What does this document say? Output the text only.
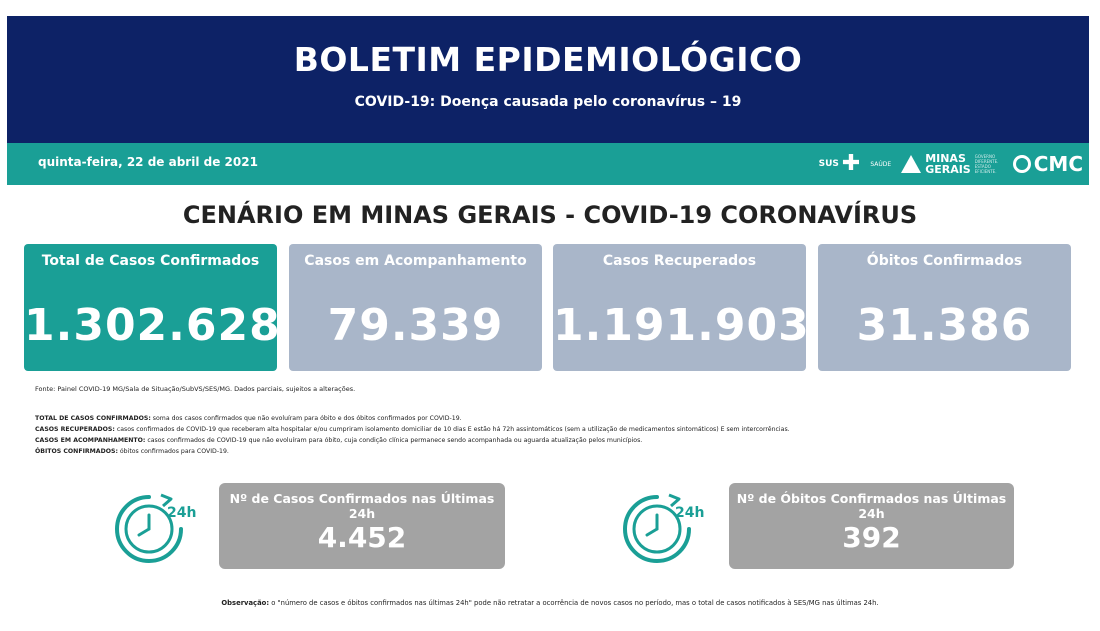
BOLETIM EPIDEMIOLÓGICO
COVID-19: Doença causada pelo coronavírus – 19
quinta-feira, 22 de abril de 2021	SUS ✚ SAÚDE	MINAS
GERAIS
GOVERNO DIFERENTE. ESTADO EFICIENTE.	CMC
CENÁRIO EM MINAS GERAIS - COVID-19 CORONAVÍRUS
Total de Casos Confirmados
1.302.628
Casos em Acompanhamento
79.339
Casos Recuperados
1.191.903
Óbitos Confirmados
31.386
Fonte: Painel COVID-19 MG/Sala de Situação/SubVS/SES/MG. Dados parciais, sujeitos a alterações.
TOTAL DE CASOS CONFIRMADOS: soma dos casos confirmados que não evoluíram para óbito e dos óbitos confirmados por COVID-19.
CASOS RECUPERADOS: casos confirmados de COVID-19 que receberam alta hospitalar e/ou cumpriram isolamento domiciliar de 10 dias E estão há 72h assintomáticos (sem a utilização de medicamentos sintomáticos) E sem intercorrências.
CASOS EM ACOMPANHAMENTO: casos confirmados de COVID-19 que não evoluíram para óbito, cuja condição clínica permanece sendo acompanhada ou aguarda atualização pelos municípios.
ÓBITOS CONFIRMADOS: óbitos confirmados para COVID-19.
24h
Nº de Casos Confirmados nas Últimas 24h
4.452
24h
Nº de Óbitos Confirmados nas Últimas 24h
392
Observação: o "número de casos e óbitos confirmados nas últimas 24h" pode não retratar a ocorrência de novos casos no período, mas o total de casos notificados à SES/MG nas últimas 24h.
